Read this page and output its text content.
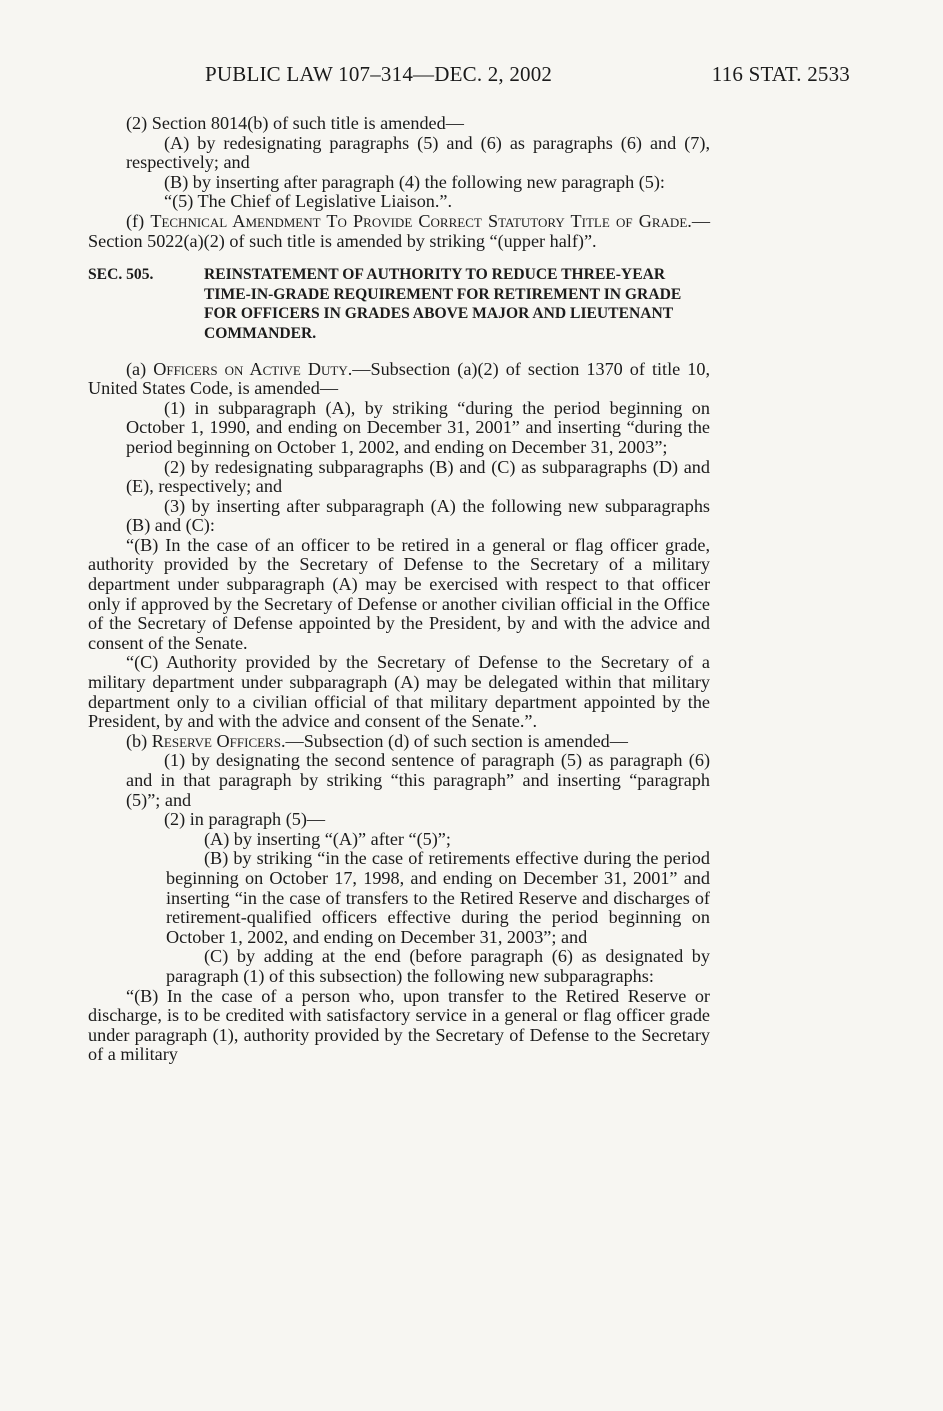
PUBLIC LAW 107–314—DEC. 2, 2002	116 STAT. 2533

(2) Section 8014(b) of such title is amended—

(A) by redesignating paragraphs (5) and (6) as paragraphs (6) and (7), respectively; and

(B) by inserting after paragraph (4) the following new paragraph (5):

“(5) The Chief of Legislative Liaison.”.

(f) Technical Amendment To Provide Correct Statutory Title of Grade.—Section 5022(a)(2) of such title is amended by striking “(upper half)”.

SEC. 505.	REINSTATEMENT OF AUTHORITY TO REDUCE THREE-YEAR TIME-IN-GRADE REQUIREMENT FOR RETIREMENT IN GRADE FOR OFFICERS IN GRADES ABOVE MAJOR AND LIEUTENANT COMMANDER.

(a) Officers on Active Duty.—Subsection (a)(2) of section 1370 of title 10, United States Code, is amended—

(1) in subparagraph (A), by striking “during the period beginning on October 1, 1990, and ending on December 31, 2001” and inserting “during the period beginning on October 1, 2002, and ending on December 31, 2003”;

(2) by redesignating subparagraphs (B) and (C) as subparagraphs (D) and (E), respectively; and

(3) by inserting after subparagraph (A) the following new subparagraphs (B) and (C):

“(B) In the case of an officer to be retired in a general or flag officer grade, authority provided by the Secretary of Defense to the Secretary of a military department under subparagraph (A) may be exercised with respect to that officer only if approved by the Secretary of Defense or another civilian official in the Office of the Secretary of Defense appointed by the President, by and with the advice and consent of the Senate.

“(C) Authority provided by the Secretary of Defense to the Secretary of a military department under subparagraph (A) may be delegated within that military department only to a civilian official of that military department appointed by the President, by and with the advice and consent of the Senate.”.

(b) Reserve Officers.—Subsection (d) of such section is amended—

(1) by designating the second sentence of paragraph (5) as paragraph (6) and in that paragraph by striking “this paragraph” and inserting “paragraph (5)”; and

(2) in paragraph (5)—

(A) by inserting “(A)” after “(5)”;

(B) by striking “in the case of retirements effective during the period beginning on October 17, 1998, and ending on December 31, 2001” and inserting “in the case of transfers to the Retired Reserve and discharges of retirement-qualified officers effective during the period beginning on October 1, 2002, and ending on December 31, 2003”; and

(C) by adding at the end (before paragraph (6) as designated by paragraph (1) of this subsection) the following new subparagraphs:

“(B) In the case of a person who, upon transfer to the Retired Reserve or discharge, is to be credited with satisfactory service in a general or flag officer grade under paragraph (1), authority provided by the Secretary of Defense to the Secretary of a military
